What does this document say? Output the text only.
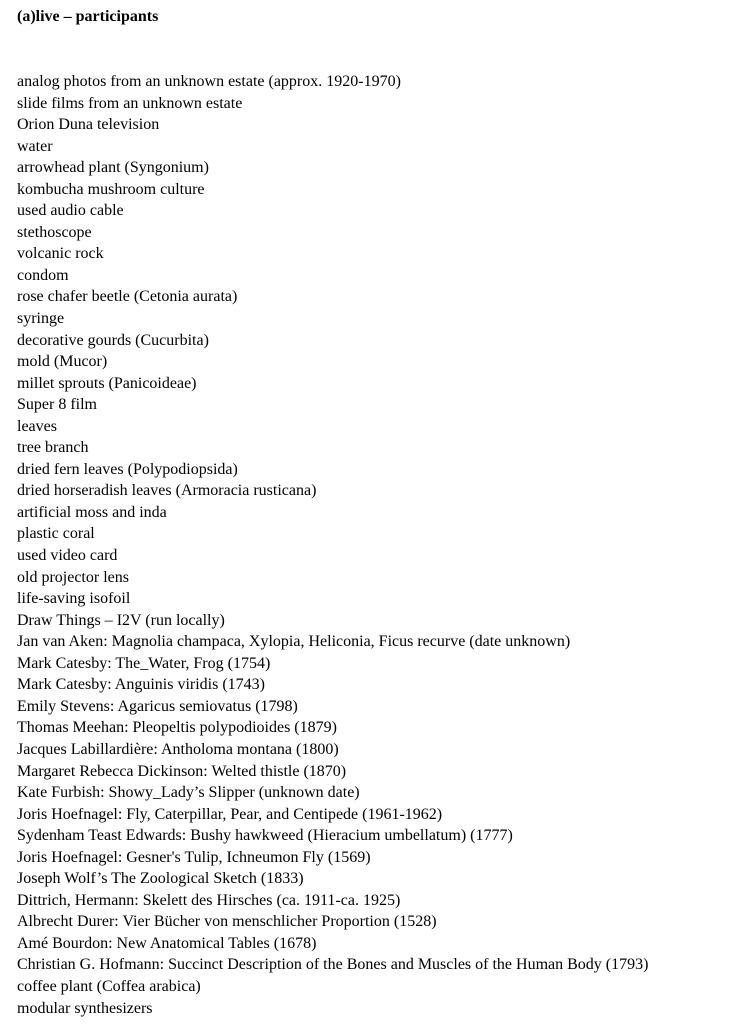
(a)live – participants
analog photos from an unknown estate (approx. 1920-1970)
slide films from an unknown estate
Orion Duna television
water
arrowhead plant (Syngonium)
kombucha mushroom culture
used audio cable
stethoscope
volcanic rock
condom
rose chafer beetle (Cetonia aurata)
syringe
decorative gourds (Cucurbita)
mold (Mucor)
millet sprouts (Panicoideae)
Super 8 film
leaves
tree branch
dried fern leaves (Polypodiopsida)
dried horseradish leaves (Armoracia rusticana)
artificial moss and inda
plastic coral
used video card
old projector lens
life-saving isofoil
Draw Things – I2V (run locally)
Jan van Aken: Magnolia champaca, Xylopia, Heliconia, Ficus recurve (date unknown)
Mark Catesby: The_Water, Frog (1754)
Mark Catesby: Anguinis viridis (1743)
Emily Stevens: Agaricus semiovatus (1798)
Thomas Meehan: Pleopeltis polypodioides (1879)
Jacques Labillardière: Antholoma montana (1800)
Margaret Rebecca Dickinson: Welted thistle (1870)
Kate Furbish: Showy_Lady’s Slipper (unknown date)
Joris Hoefnagel: Fly, Caterpillar, Pear, and Centipede (1961-1962)
Sydenham Teast Edwards: Bushy hawkweed (Hieracium umbellatum) (1777)
Joris Hoefnagel: Gesner's Tulip, Ichneumon Fly (1569)
Joseph Wolf’s The Zoological Sketch (1833)
Dittrich, Hermann: Skelett des Hirsches (ca. 1911-ca. 1925)
Albrecht Durer: Vier Bücher von menschlicher Proportion (1528)
Amé Bourdon: New Anatomical Tables (1678)
Christian G. Hofmann: Succinct Description of the Bones and Muscles of the Human Body (1793)
coffee plant (Coffea arabica)
modular synthesizers
